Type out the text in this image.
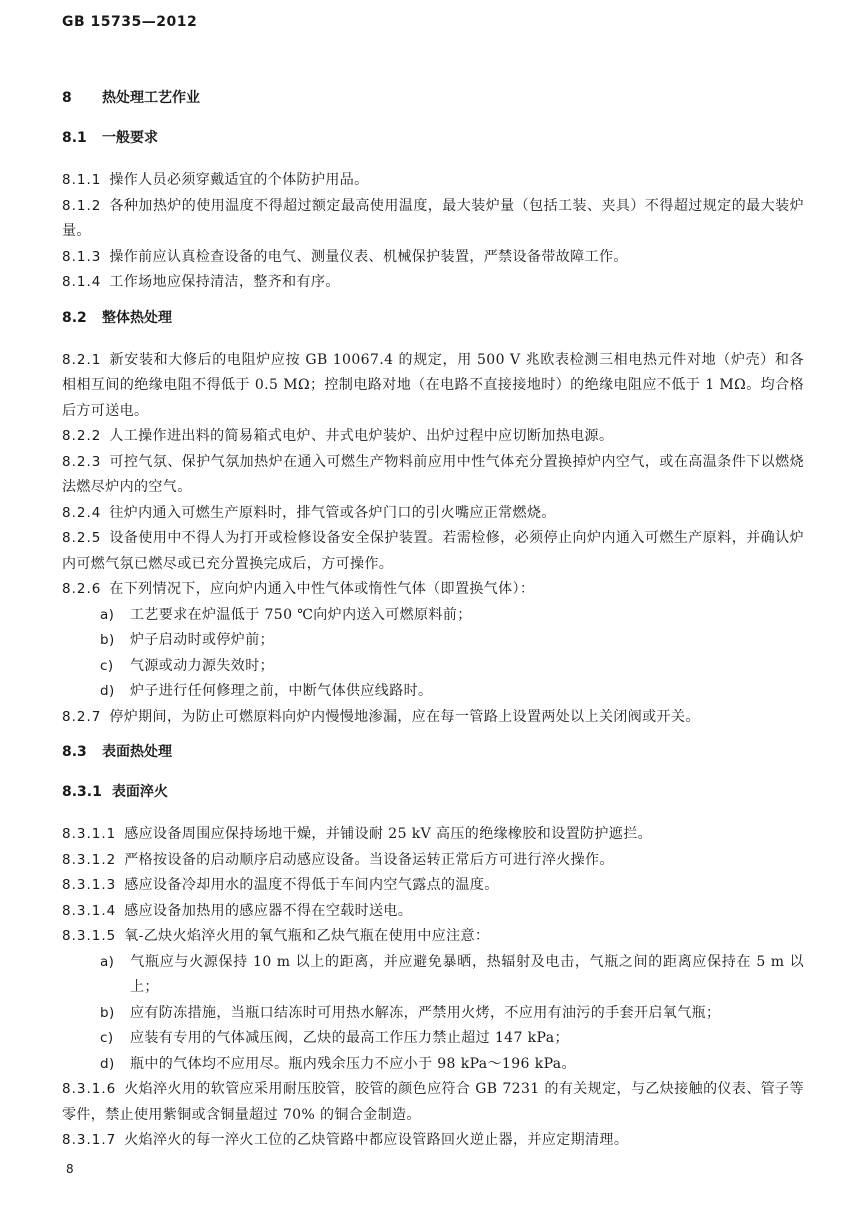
GB 15735—2012
8 热处理工艺作业
8.1 一般要求

8.1.1 操作人员必须穿戴适宜的个体防护用品。

8.1.2 各种加热炉的使用温度不得超过额定最高使用温度，最大装炉量（包括工装、夹具）不得超过规定的最大装炉量。

8.1.3 操作前应认真检查设备的电气、测量仪表、机械保护装置，严禁设备带故障工作。

8.1.4 工作场地应保持清洁，整齐和有序。

8.2 整体热处理

8.2.1 新安装和大修后的电阻炉应按 GB 10067.4 的规定，用 500 V 兆欧表检测三相电热元件对地（炉壳）和各相相互间的绝缘电阻不得低于 0.5 MΩ；控制电路对地（在电路不直接接地时）的绝缘电阻应不低于 1 MΩ。均合格后方可送电。

8.2.2 人工操作进出料的简易箱式电炉、井式电炉装炉、出炉过程中应切断加热电源。

8.2.3 可控气氛、保护气氛加热炉在通入可燃生产物料前应用中性气体充分置换掉炉内空气，或在高温条件下以燃烧法燃尽炉内的空气。

8.2.4 往炉内通入可燃生产原料时，排气管或各炉门口的引火嘴应正常燃烧。

8.2.5 设备使用中不得人为打开或检修设备安全保护装置。若需检修，必须停止向炉内通入可燃生产原料，并确认炉内可燃气氛已燃尽或已充分置换完成后，方可操作。

8.2.6 在下列情况下，应向炉内通入中性气体或惰性气体（即置换气体）：

a) 工艺要求在炉温低于 750 ℃向炉内送入可燃原料前；

b) 炉子启动时或停炉前；

c) 气源或动力源失效时；

d) 炉子进行任何修理之前，中断气体供应线路时。

8.2.7 停炉期间，为防止可燃原料向炉内慢慢地渗漏，应在每一管路上设置两处以上关闭阀或开关。

8.3 表面热处理
8.3.1 表面淬火

8.3.1.1 感应设备周围应保持场地干燥，并铺设耐 25 kV 高压的绝缘橡胶和设置防护遮拦。

8.3.1.2 严格按设备的启动顺序启动感应设备。当设备运转正常后方可进行淬火操作。

8.3.1.3 感应设备冷却用水的温度不得低于车间内空气露点的温度。

8.3.1.4 感应设备加热用的感应器不得在空载时送电。

8.3.1.5 氧-乙炔火焰淬火用的氧气瓶和乙炔气瓶在使用中应注意：

a) 气瓶应与火源保持 10 m 以上的距离，并应避免暴晒，热辐射及电击，气瓶之间的距离应保持在 5 m 以上；

b) 应有防冻措施，当瓶口结冻时可用热水解冻，严禁用火烤，不应用有油污的手套开启氧气瓶；

c) 应装有专用的气体减压阀，乙炔的最高工作压力禁止超过 147 kPa；

d) 瓶中的气体均不应用尽。瓶内残余压力不应小于 98 kPa～196 kPa。

8.3.1.6 火焰淬火用的软管应采用耐压胶管，胶管的颜色应符合 GB 7231 的有关规定，与乙炔接触的仪表、管子等零件，禁止使用紫铜或含铜量超过 70% 的铜合金制造。

8.3.1.7 火焰淬火的每一淬火工位的乙炔管路中都应设管路回火逆止器，并应定期清理。

8
